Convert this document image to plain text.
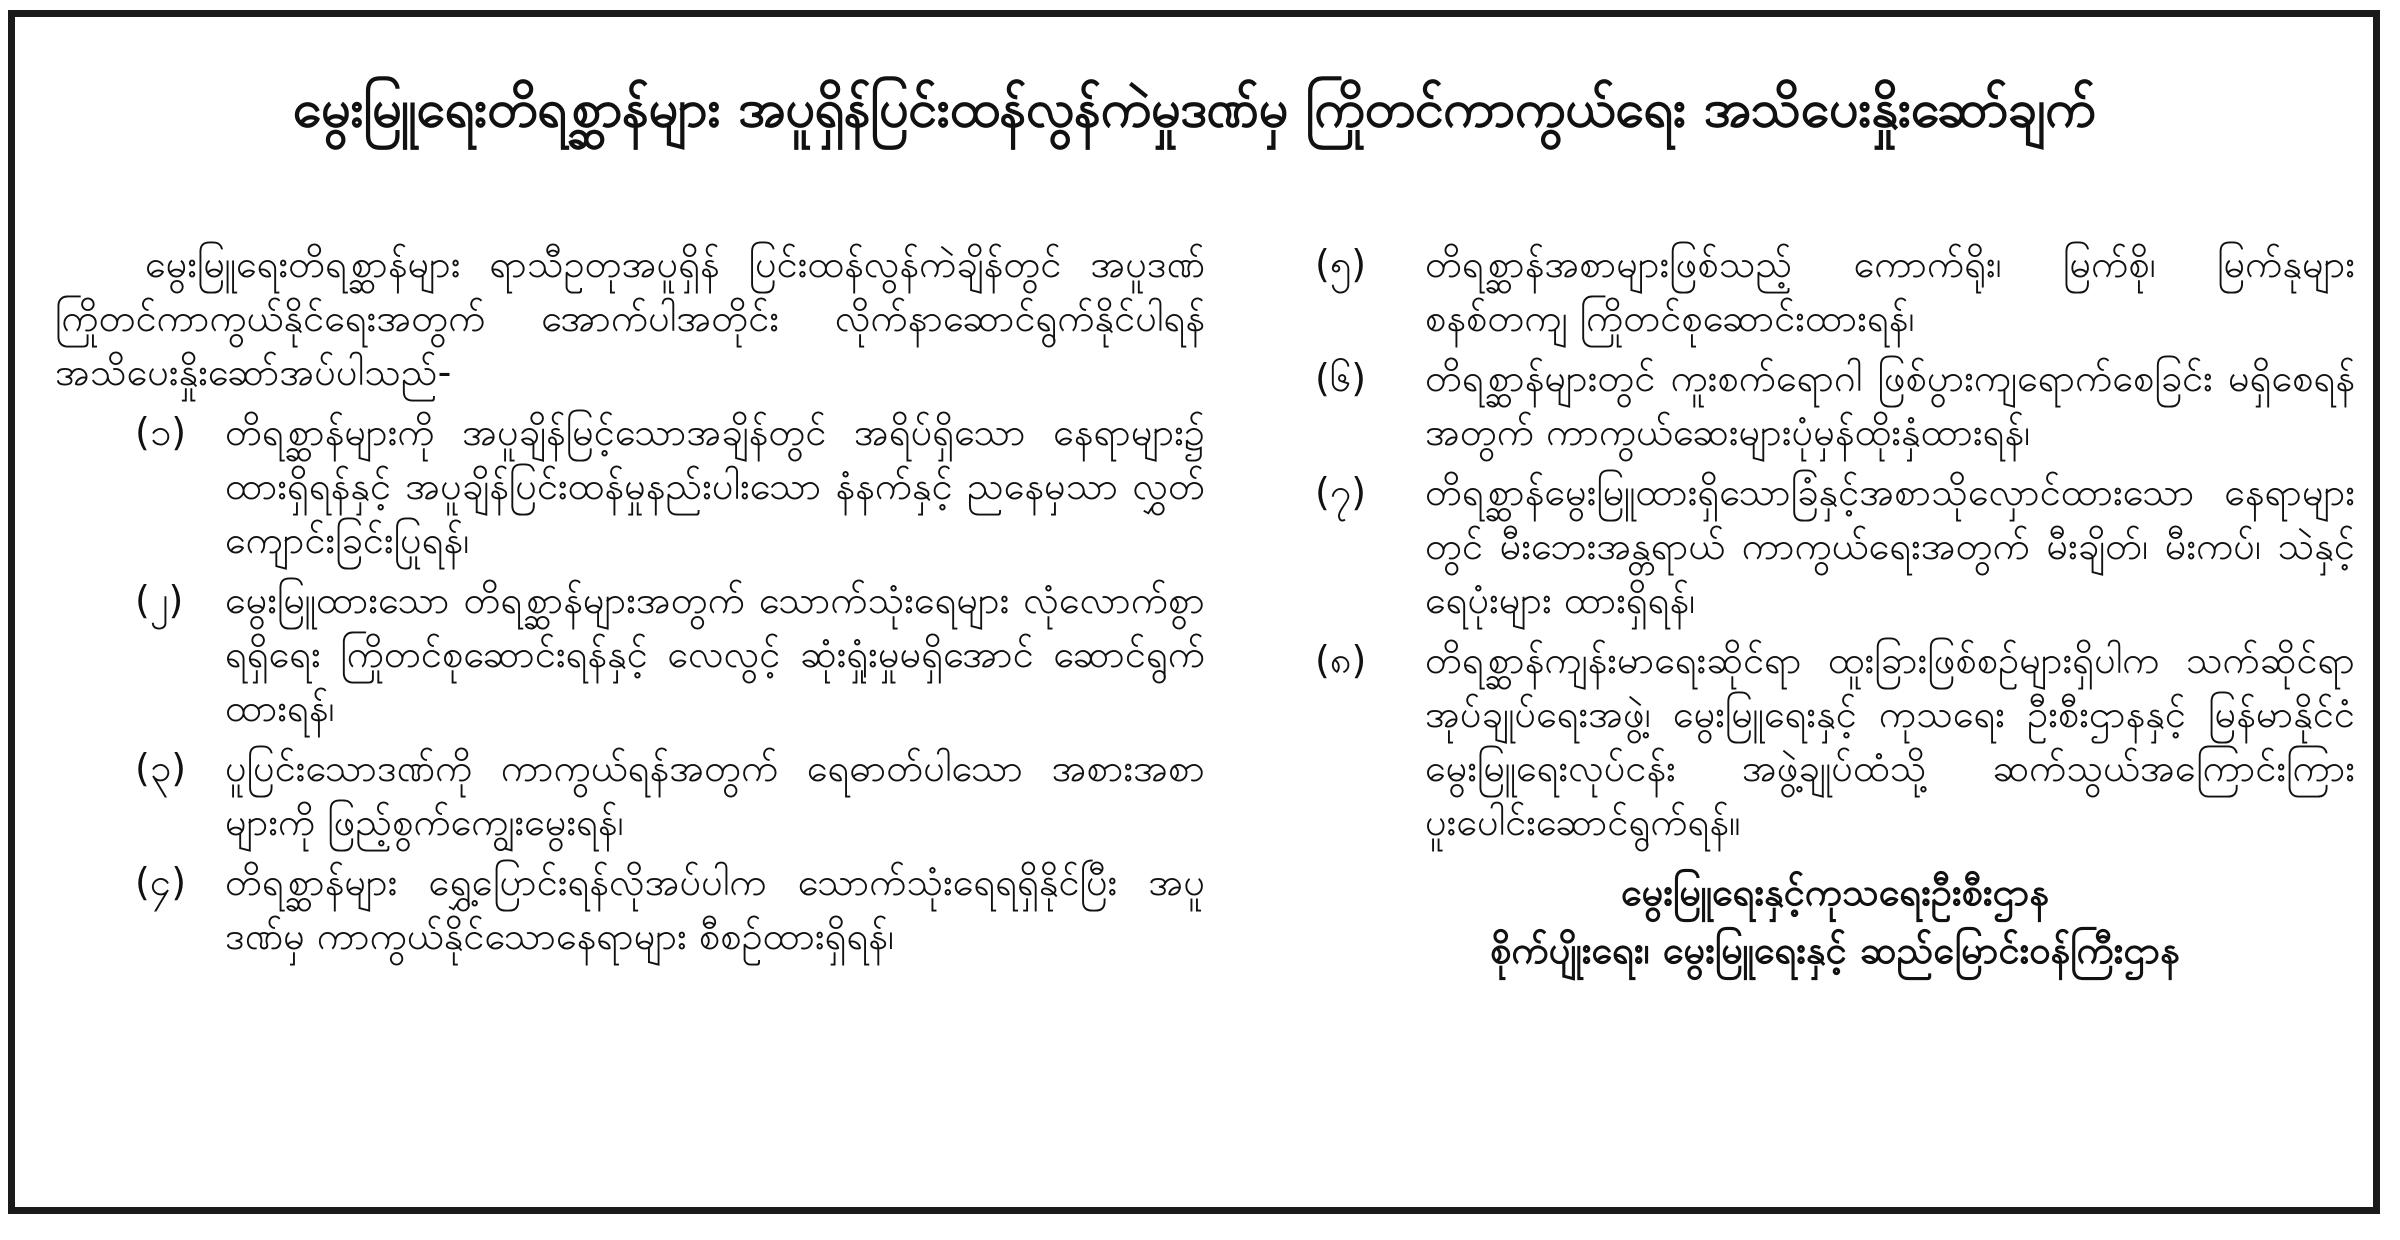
မွေးမြူရေးတိရစ္ဆာန်များ အပူရှိန်ပြင်းထန်လွန်ကဲမှုဒဏ်မှ ကြိုတင်ကာကွယ်ရေး အသိပေးနှိုးဆော်ချက်

မွေးမြူရေးတိရစ္ဆာန်များ ရာသီဥတုအပူရှိန် ပြင်းထန်လွန်ကဲချိန်တွင် အပူဒဏ်ကြိုတင်ကာကွယ်နိုင်ရေးအတွက် အောက်ပါအတိုင်း လိုက်နာဆောင်ရွက်နိုင်ပါရန် အသိပေးနှိုးဆော်အပ်ပါသည်-

(၁) တိရစ္ဆာန်များကို အပူချိန်မြင့်သောအချိန်တွင် အရိပ်ရှိသော နေရာများ၌ ထားရှိရန်နှင့် အပူချိန်ပြင်းထန်မှုနည်းပါးသော နံနက်နှင့် ညနေမှသာ လွှတ်ကျောင်းခြင်းပြုရန်၊
(၂) မွေးမြူထားသော တိရစ္ဆာန်များအတွက် သောက်သုံးရေများ လုံလောက်စွာရရှိရေး ကြိုတင်စုဆောင်းရန်နှင့် လေလွင့် ဆုံးရှုံးမှုမရှိအောင် ဆောင်ရွက်ထားရန်၊
(၃) ပူပြင်းသောဒဏ်ကို ကာကွယ်ရန်အတွက် ရေဓာတ်ပါသော အစားအစာများကို ဖြည့်စွက်ကျွေးမွေးရန်၊
(၄) တိရစ္ဆာန်များ ရွှေ့ပြောင်းရန်လိုအပ်ပါက သောက်သုံးရေရရှိနိုင်ပြီး အပူဒဏ်မှ ကာကွယ်နိုင်သောနေရာများ စီစဉ်ထားရှိရန်၊
(၅) တိရစ္ဆာန်အစာများဖြစ်သည့် ကောက်ရိုး၊ မြက်စို၊ မြက်နုများ စနစ်တကျ ကြိုတင်စုဆောင်းထားရန်၊
(၆) တိရစ္ဆာန်များတွင် ကူးစက်ရောဂါ ဖြစ်ပွားကျရောက်စေခြင်း မရှိစေရန်အတွက် ကာကွယ်ဆေးများပုံမှန်ထိုးနှံထားရန်၊
(၇) တိရစ္ဆာန်မွေးမြူထားရှိသောခြံနှင့်အစာသိုလှောင်ထားသော နေရာများတွင် မီးဘေးအန္တရာယ် ကာကွယ်ရေးအတွက် မီးချိတ်၊ မီးကပ်၊ သဲနှင့် ရေပုံးများ ထားရှိရန်၊
(၈) တိရစ္ဆာန်ကျန်းမာရေးဆိုင်ရာ ထူးခြားဖြစ်စဉ်များရှိပါက သက်ဆိုင်ရာ အုပ်ချုပ်ရေးအဖွဲ့၊ မွေးမြူရေးနှင့် ကုသရေး ဦးစီးဌာနနှင့် မြန်မာနိုင်ငံမွေးမြူရေးလုပ်ငန်း အဖွဲ့ချုပ်ထံသို့ ဆက်သွယ်အကြောင်းကြား ပူးပေါင်းဆောင်ရွက်ရန်။
မွေးမြူရေးနှင့်ကုသရေးဦးစီးဌာန
စိုက်ပျိုးရေး၊ မွေးမြူရေးနှင့် ဆည်မြောင်းဝန်ကြီးဌာန
